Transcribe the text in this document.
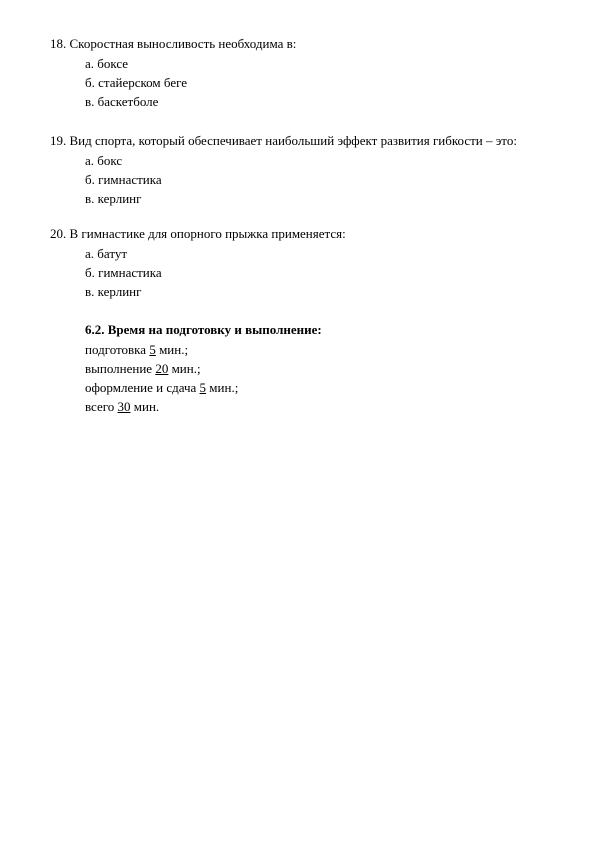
18. Скоростная выносливость необходима в:
а. боксе
б. стайерском беге
в. баскетболе
19. Вид спорта, который обеспечивает наибольший эффект развития гибкости – это:
а. бокс
б. гимнастика
в. керлинг
20. В гимнастике для опорного прыжка применяется:
а. батут
б. гимнастика
в. керлинг
6.2. Время на подготовку и выполнение:
подготовка 5 мин.;
выполнение 20 мин.;
оформление и сдача 5 мин.;
всего 30 мин.
